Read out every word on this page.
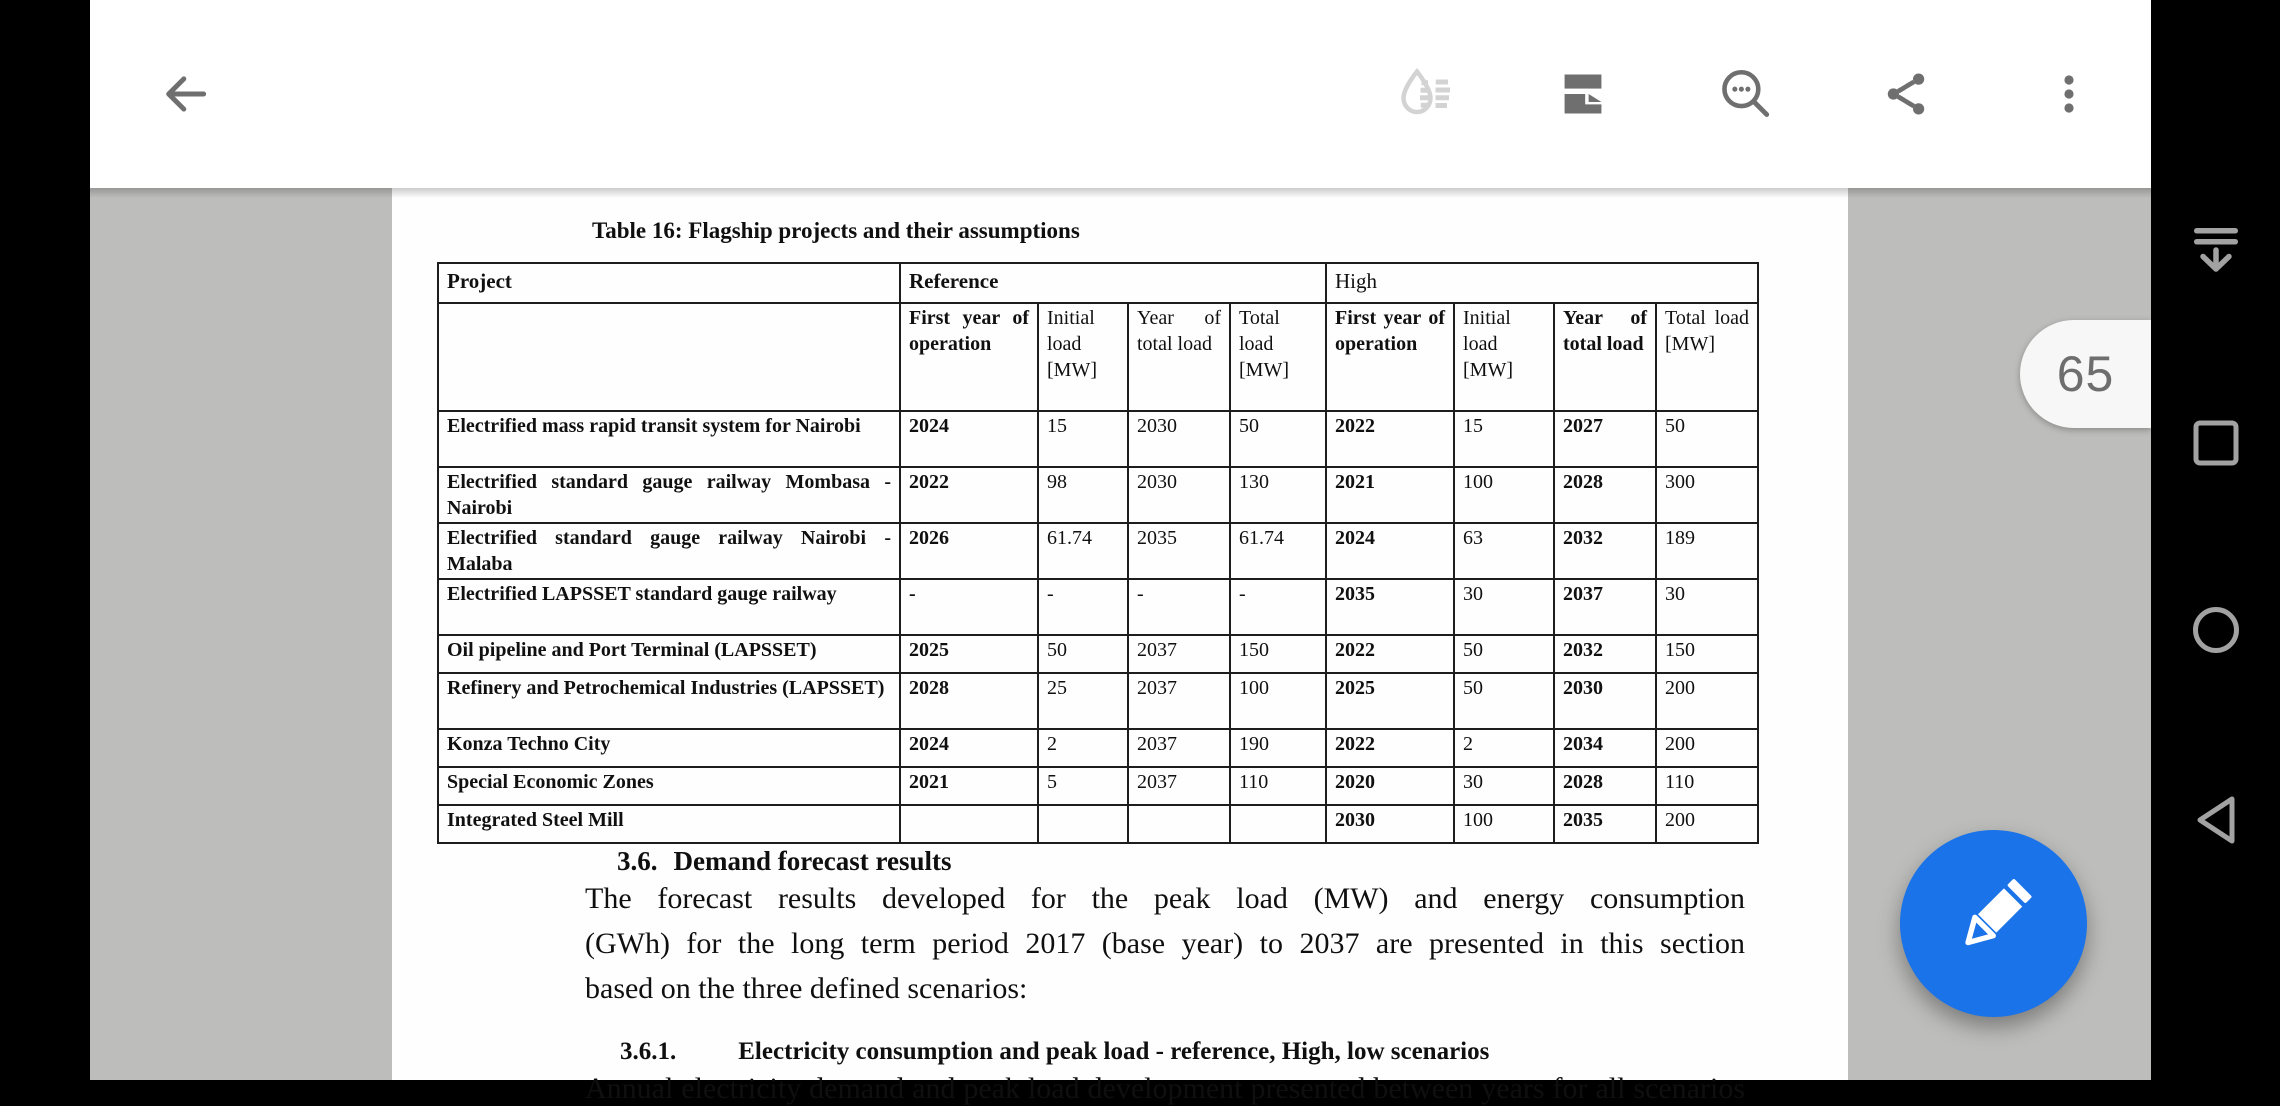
Table 16: Flagship projects and their assumptions
Project	Reference				High			
	First year of operation	Initial load [MW]	Year of total load	Total load [MW]	First year of operation	Initial load [MW]	Year of total load	Total load [MW]
Electrified mass rapid transit system for Nairobi	2024	15	2030	50	2022	15	2027	50
Electrified standard gauge railway Mombasa - Nairobi	2022	98	2030	130	2021	100	2028	300
Electrified standard gauge railway Nairobi - Malaba	2026	61.74	2035	61.74	2024	63	2032	189
Electrified LAPSSET standard gauge railway	-	-	-	-	2035	30	2037	30
Oil pipeline and Port Terminal (LAPSSET)	2025	50	2037	150	2022	50	2032	150
Refinery and Petrochemical Industries (LAPSSET)	2028	25	2037	100	2025	50	2030	200
Konza Techno City	2024	2	2037	190	2022	2	2034	200
Special Economic Zones	2021	5	2037	110	2020	30	2028	110
Integrated Steel Mill					2030	100	2035	200
3.6. Demand forecast results
The forecast results developed for the peak load (MW) and energy consumption
(GWh) for the long term period 2017 (base year) to 2037 are presented in this section
based on the three defined scenarios:
3.6.1. Electricity consumption and peak load - reference, High, low scenarios
Annual electricity demand and peak load development presented between years for all scenarios
65
